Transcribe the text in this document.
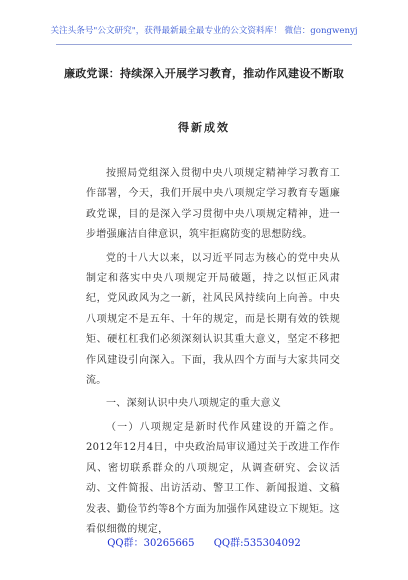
关注头条号"公文研究"，获得最新最全最专业的公文资料库！ 微信：gongwenyj
廉政党课：持续深入开展学习教育，推动作风建设不断取
得新成效

按照局党组深入贯彻中央八项规定精神学习教育工作部署，今天，我们开展中央八项规定学习教育专题廉政党课，目的是深入学习贯彻中央八项规定精神，进一步增强廉洁自律意识，筑牢拒腐防变的思想防线。

党的十八大以来，以习近平同志为核心的党中央从制定和落实中央八项规定开局破题，持之以恒正风肃纪，党风政风为之一新，社风民风持续向上向善。中央八项规定不是五年、十年的规定，而是长期有效的铁规矩、硬杠杠我们必须深刻认识其重大意义，坚定不移把作风建设引向深入。下面，我从四个方面与大家共同交流。

一、深刻认识中央八项规定的重大意义

（一）八项规定是新时代作风建设的开篇之作。2012年12月4日，中央政治局审议通过关于改进工作作风、密切联系群众的八项规定，从调查研究、会议活动、文件简报、出访活动、警卫工作、新闻报道、文稿发表、勤俭节约等8个方面为加强作风建设立下规矩。这看似细微的规定，

QQ群：30265665 QQ群:535304092
